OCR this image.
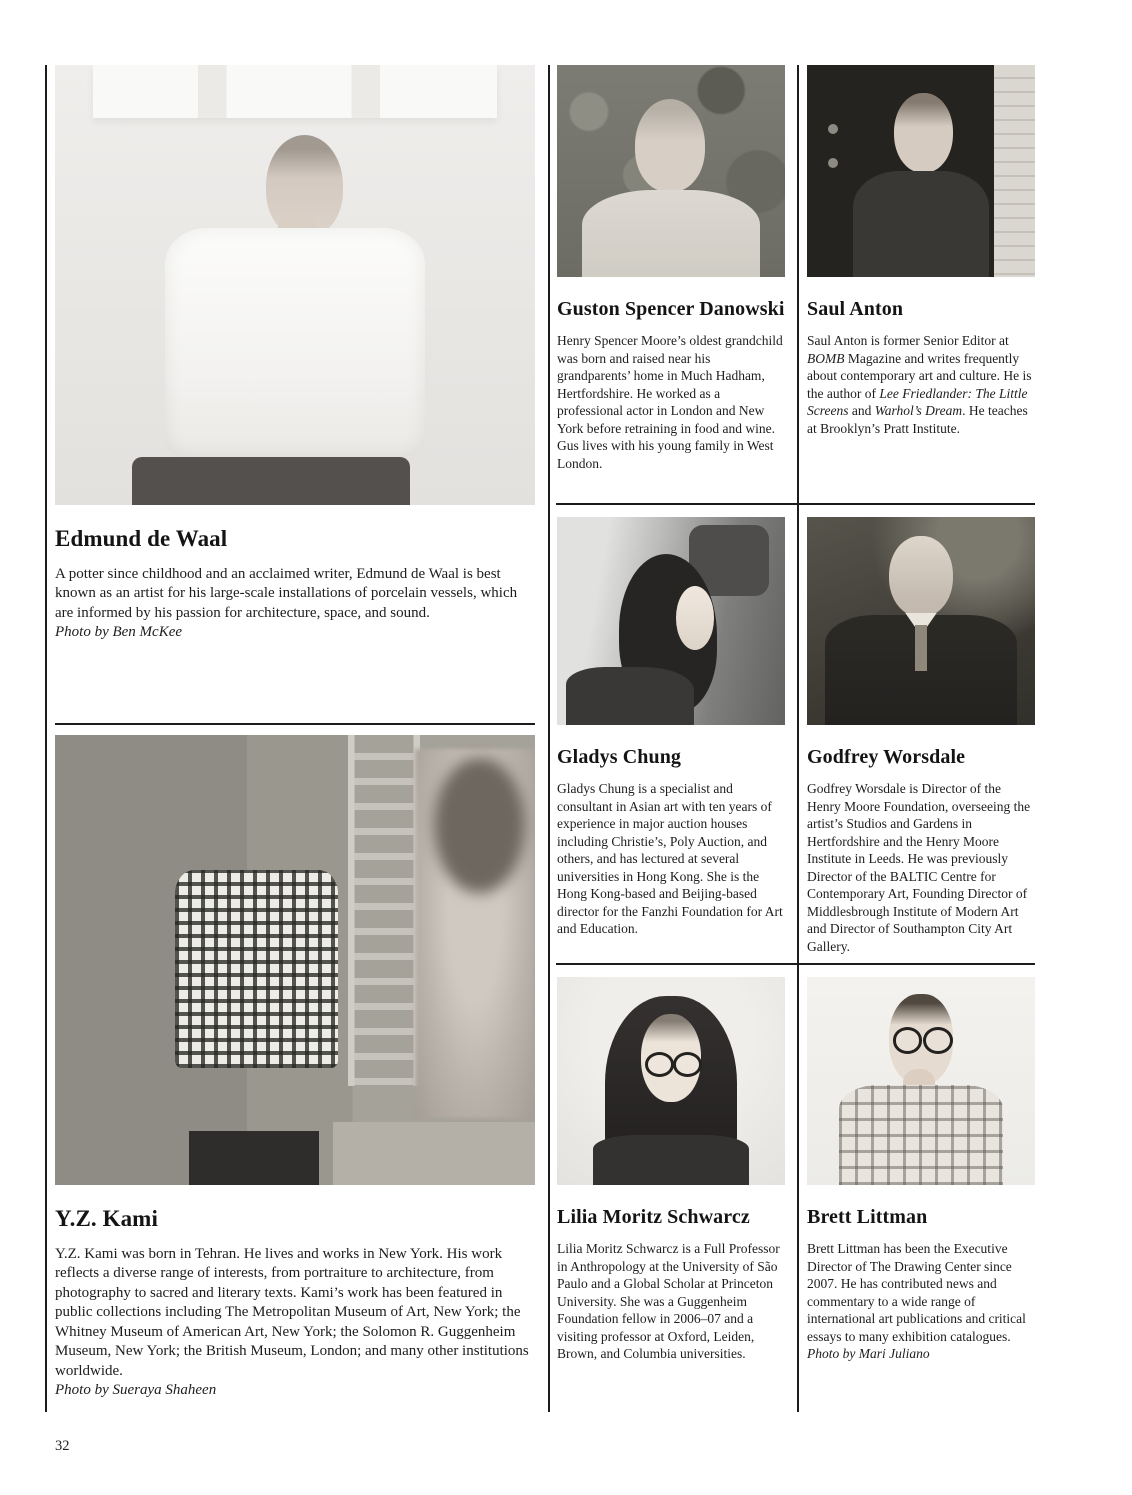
Edmund de Waal

A potter since childhood and an acclaimed writer, Edmund de Waal is best known as an artist for his large-scale installations of porcelain vessels, which are informed by his passion for architecture, space, and sound.

Photo by Ben McKee

Y.Z. Kami

Y.Z. Kami was born in Tehran. He lives and works in New York. His work reflects a diverse range of interests, from portraiture to architecture, from photography to sacred and literary texts. Kami’s work has been featured in public collections including The Metropolitan Museum of Art, New York; the Whitney Museum of American Art, New York; the Solomon R. Guggenheim Museum, New York; the British Museum, London; and many other institutions worldwide.

Photo by Sueraya Shaheen

Guston Spencer Danowski

Henry Spencer Moore’s oldest grandchild was born and raised near his grandparents’ home in Much Hadham, Hertfordshire. He worked as a professional actor in London and New York before retraining in food and wine. Gus lives with his young family in West London.

Gladys Chung

Gladys Chung is a specialist and consultant in Asian art with ten years of experience in major auction houses including Christie’s, Poly Auction, and others, and has lectured at several universities in Hong Kong. She is the Hong Kong-based and Beijing-based director for the Fanzhi Foundation for Art and Education.

Lilia Moritz Schwarcz

Lilia Moritz Schwarcz is a Full Professor in Anthropology at the University of São Paulo and a Global Scholar at Princeton University. She was a Guggenheim Foundation fellow in 2006–07 and a visiting professor at Oxford, Leiden, Brown, and Columbia universities.

Saul Anton

Saul Anton is former Senior Editor at BOMB Magazine and writes frequently about contemporary art and culture. He is the author of Lee Friedlander: The Little Screens and Warhol’s Dream. He teaches at Brooklyn’s Pratt Institute.

Godfrey Worsdale

Godfrey Worsdale is Director of the Henry Moore Foundation, overseeing the artist’s Studios and Gardens in Hertfordshire and the Henry Moore Institute in Leeds. He was previously Director of the BALTIC Centre for Contemporary Art, Founding Director of Middlesbrough Institute of Modern Art and Director of Southampton City Art Gallery.

Brett Littman

Brett Littman has been the Executive Director of The Drawing Center since 2007. He has contributed news and commentary to a wide range of international art publications and critical essays to many exhibition catalogues.

Photo by Mari Juliano

32
